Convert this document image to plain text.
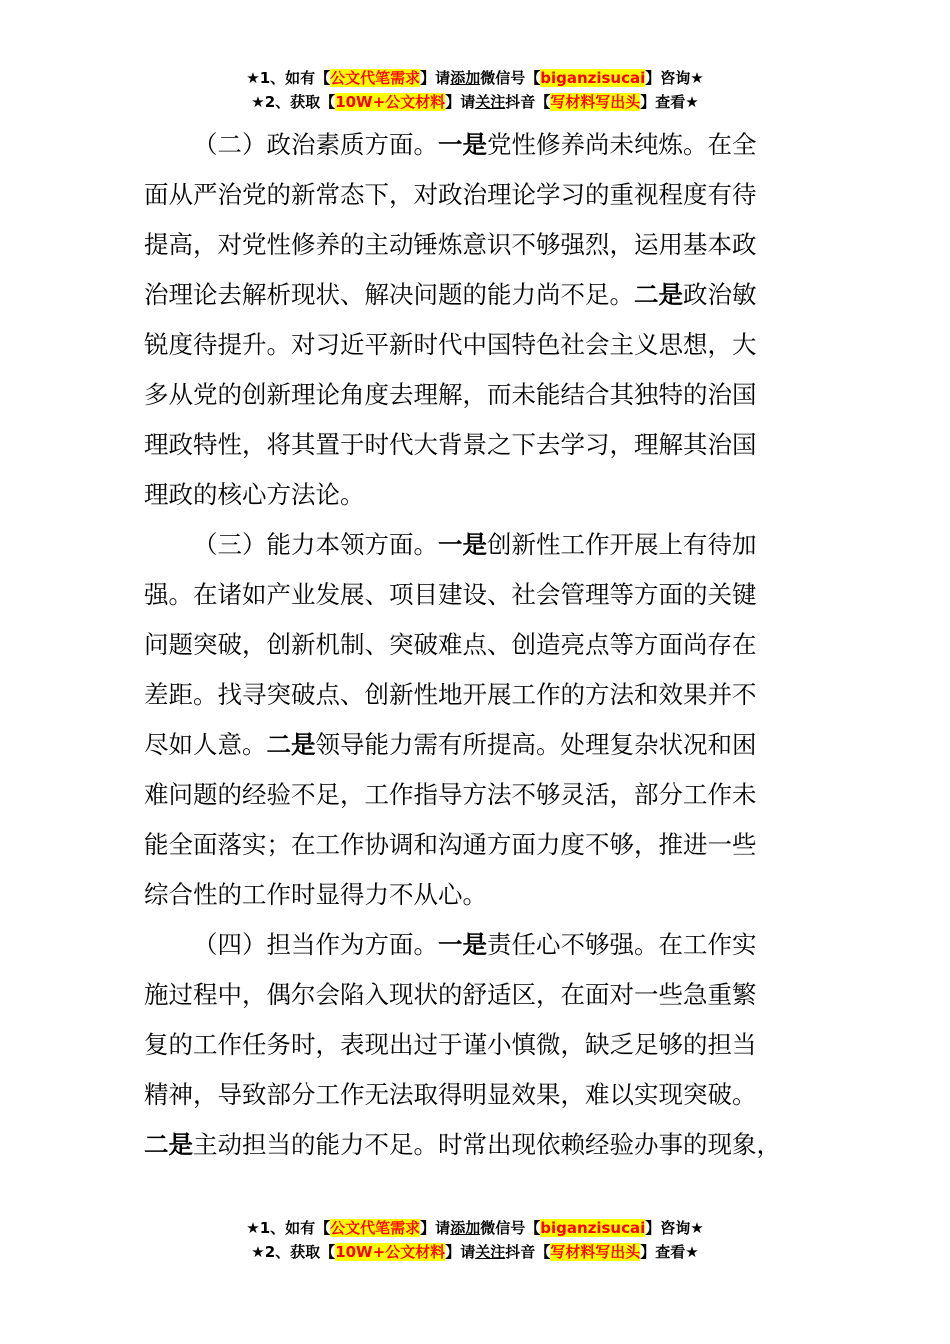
★1、如有【公文代笔需求】请添加微信号【biganzisucai】咨询★
★2、获取【10W+公文材料】请关注抖音【写材料写出头】查看★

（二）政治素质方面。一是党性修养尚未纯炼。在全
面从严治党的新常态下，对政治理论学习的重视程度有待
提高，对党性修养的主动锤炼意识不够强烈，运用基本政
治理论去解析现状、解决问题的能力尚不足。二是政治敏
锐度待提升。对习近平新时代中国特色社会主义思想，大
多从党的创新理论角度去理解，而未能结合其独特的治国
理政特性，将其置于时代大背景之下去学习，理解其治国
理政的核心方法论。

（三）能力本领方面。一是创新性工作开展上有待加
强。在诸如产业发展、项目建设、社会管理等方面的关键
问题突破，创新机制、突破难点、创造亮点等方面尚存在
差距。找寻突破点、创新性地开展工作的方法和效果并不
尽如人意。二是领导能力需有所提高。处理复杂状况和困
难问题的经验不足，工作指导方法不够灵活，部分工作未
能全面落实；在工作协调和沟通方面力度不够，推进一些
综合性的工作时显得力不从心。

（四）担当作为方面。一是责任心不够强。在工作实
施过程中，偶尔会陷入现状的舒适区，在面对一些急重繁
复的工作任务时，表现出过于谨小慎微，缺乏足够的担当
精神，导致部分工作无法取得明显效果，难以实现突破。
二是主动担当的能力不足。时常出现依赖经验办事的现象，

★1、如有【公文代笔需求】请添加微信号【biganzisucai】咨询★
★2、获取【10W+公文材料】请关注抖音【写材料写出头】查看★
